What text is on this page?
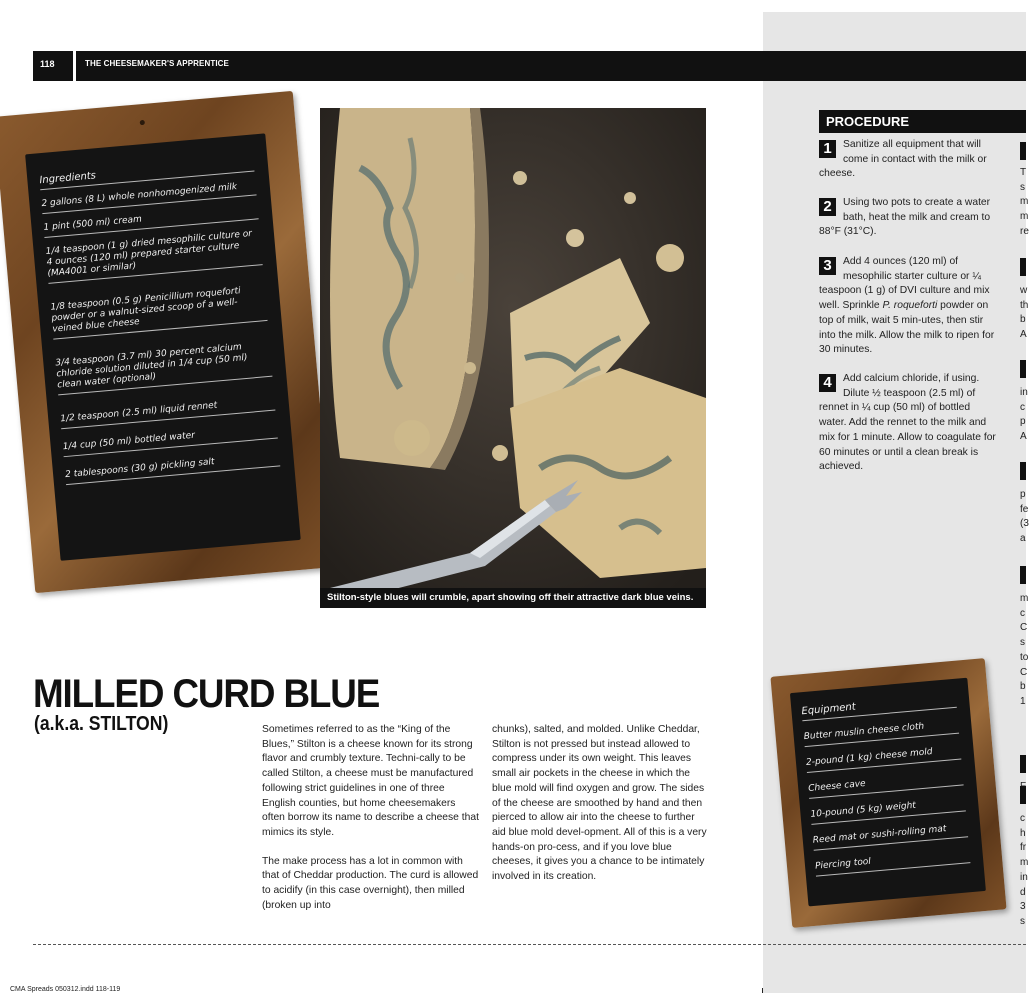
118	THE CHEESEMAKER'S APPRENTICE
Ingredients
2 gallons (8 L) whole nonhomogenized milk
1 pint (500 ml) cream
1/4 teaspoon (1 g) dried mesophilic culture or 4 ounces (120 ml) prepared starter culture (MA4001 or similar)
1/8 teaspoon (0.5 g) Penicillium roqueforti powder or a walnut-sized scoop of a well-veined blue cheese
3/4 teaspoon (3.7 ml) 30 percent calcium chloride solution diluted in 1/4 cup (50 ml) clean water (optional)
1/2 teaspoon (2.5 ml) liquid rennet
1/4 cup (50 ml) bottled water
2 tablespoons (30 g) pickling salt
Stilton-style blues will crumble, apart showing off their attractive dark blue veins.
MILLED CURD BLUE
(a.k.a. STILTON)	Sometimes referred to as the “King of the Blues,” Stilton is a cheese known for its strong flavor and crumbly texture. Techni-cally to be called Stilton, a cheese must be manufactured following strict guidelines in one of three English counties, but home cheesemakers often borrow its name to describe a cheese that mimics its style.

The make process has a lot in common with that of Cheddar production. The curd is allowed to acidify (in this case overnight), then milled (broken up into

chunks), salted, and molded. Unlike Cheddar, Stilton is not pressed but instead allowed to compress under its own weight. This leaves small air pockets in the cheese in which the blue mold will find oxygen and grow. The sides of the cheese are smoothed by hand and then pierced to allow air into the cheese to further aid blue mold devel-opment. All of this is a very hands-on pro-cess, and if you love blue cheeses, it gives you a chance to be intimately involved in its creation.

PROCEDURE
1	Sanitize all equipment that will come in contact with the milk or cheese.
2	Using two pots to create a water bath, heat the milk and cream to 88°F (31°C).
3	Add 4 ounces (120 ml) of mesophilic starter culture or ¼ teaspoon (1 g) of DVI culture and mix well. Sprinkle P. roqueforti powder on top of milk, wait 5 min-utes, then stir into the milk. Allow the milk to ripen for 30 minutes.
4	Add calcium chloride, if using. Dilute ½ teaspoon (2.5 ml) of rennet in ¼ cup (50 ml) of bottled water. Add the rennet to the milk and mix for 1 minute. Allow to coagulate for 60 minutes or until a clean break is achieved.
T
s
m
m
re
w
th
b
A
in
c
p
A
p
fe
(3
a
m
c
C
s
to
C
b
1
c
h
fr
m
in
d
3
s
Equipment
Butter muslin cheese cloth
2-pound (1 kg) cheese mold
Cheese cave
10-pound (5 kg) weight
Reed mat or sushi-rolling mat
Piercing tool
CMA Spreads 050312.indd 118-119
